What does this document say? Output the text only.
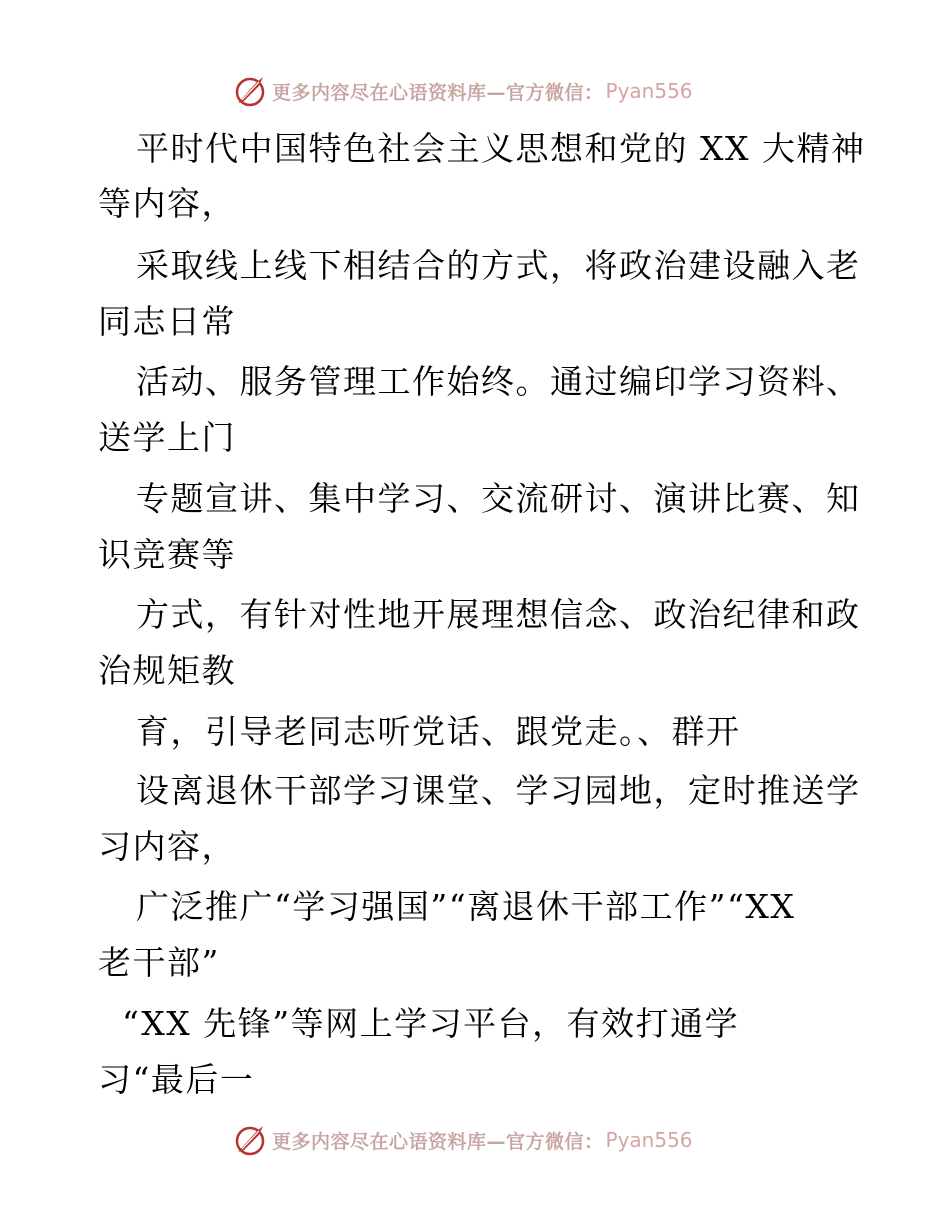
更多内容尽在心语资料库—官方微信： Pyan556
平时代中国特色社会主义思想和党的 XX 大精神
等内容，
采取线上线下相结合的方式，将政治建设融入老
同志日常
活动、服务管理工作始终。通过编印学习资料、
送学上门
专题宣讲、集中学习、交流研讨、演讲比赛、知
识竞赛等
方式，有针对性地开展理想信念、政治纪律和政
治规矩教
育，引导老同志听党话、跟党走。、群开
设离退休干部学习课堂、学习园地，定时推送学
习内容，
广泛推广“学习强国”“离退休干部工作”“XX
老干部”
“XX 先锋”等网上学习平台，有效打通学
习“最后一
更多内容尽在心语资料库—官方微信： Pyan556
